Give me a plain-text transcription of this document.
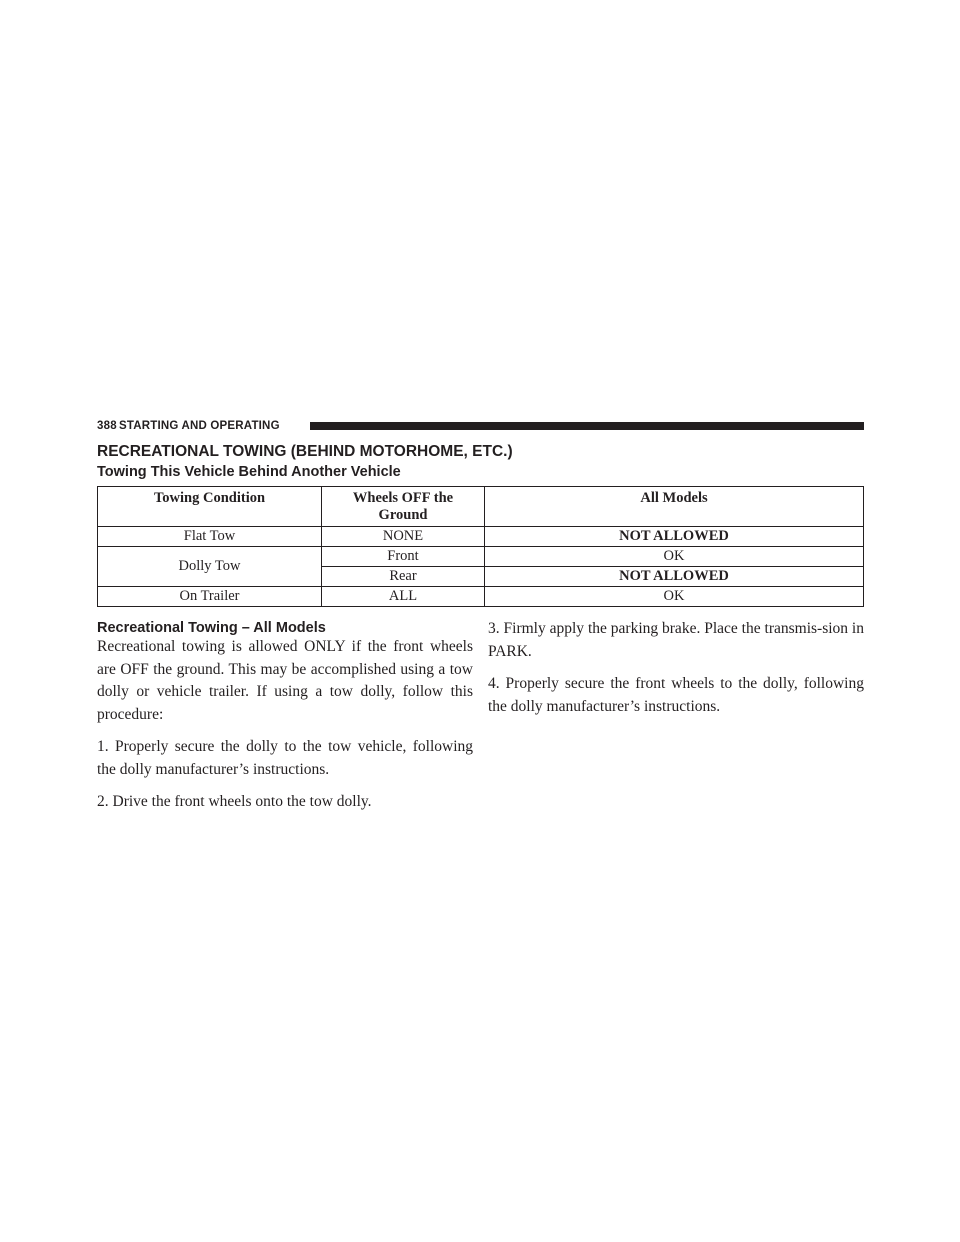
388 STARTING AND OPERATING
RECREATIONAL TOWING (BEHIND MOTORHOME, ETC.)
Towing This Vehicle Behind Another Vehicle
Towing Condition	Wheels OFF the Ground	All Models
Flat Tow	NONE	NOT ALLOWED
Dolly Tow	Front	OK
	Rear	NOT ALLOWED
On Trailer	ALL	OK
Recreational Towing – All Models

Recreational towing is allowed ONLY if the front wheels are OFF the ground. This may be accomplished using a tow dolly or vehicle trailer. If using a tow dolly, follow this procedure:

1. Properly secure the dolly to the tow vehicle, following the dolly manufacturer’s instructions.

2. Drive the front wheels onto the tow dolly.

3. Firmly apply the parking brake. Place the transmis-sion in PARK.

4. Properly secure the front wheels to the dolly, following the dolly manufacturer’s instructions.
